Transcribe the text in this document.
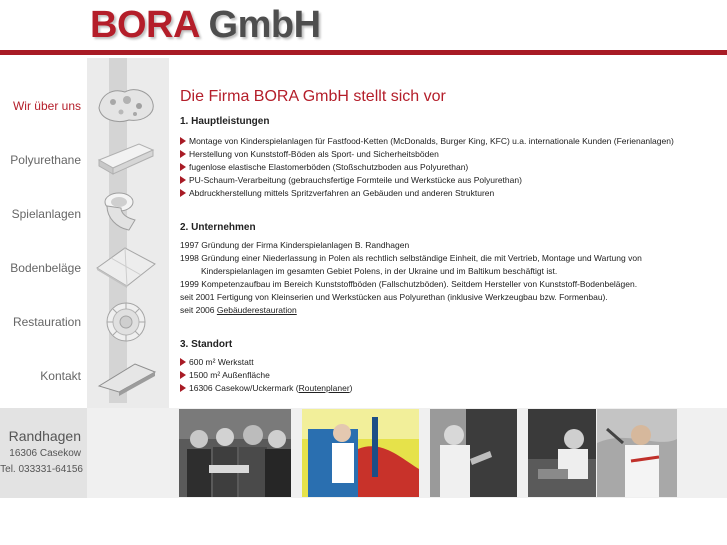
BORA GmbH
Wir über uns
Polyurethane
Spielanlagen
Bodenbeläge
Restauration
Kontakt
Randhagen
16306 Casekow
Tel. 033331-64156
Die Firma BORA GmbH stellt sich vor
1. Hauptleistungen
Montage von Kinderspielanlagen für Fastfood-Ketten (McDonalds, Burger King, KFC) u.a. internationale Kunden (Ferienanlagen)
Herstellung von Kunststoff-Böden als Sport- und Sicherheitsböden
fugenlose elastische Elastomerböden (Stoßschutzboden aus Polyurethan)
PU-Schaum-Verarbeitung (gebrauchsfertige Formteile und Werkstücke aus Polyurethan)
Abdruckherstellung mittels Spritzverfahren an Gebäuden und anderen Strukturen
2. Unternehmen
1997 Gründung der Firma Kinderspielanlagen B. Randhagen
1998 Gründung einer Niederlassung in Polen als rechtlich selbständige Einheit, die mit Vertrieb, Montage und Wartung von
Kinderspielanlagen im gesamten Gebiet Polens, in der Ukraine und im Baltikum beschäftigt ist.
1999 Kompetenzaufbau im Bereich Kunststoffböden (Fallschutzböden). Seitdem Hersteller von Kunststoff-Bodenbelägen.
seit 2001 Fertigung von Kleinserien und Werkstücken aus Polyurethan (inklusive Werkzeugbau bzw. Formenbau).
seit 2006 Gebäuderestauration
3. Standort
600 m² Werkstatt
1500 m² Außenfläche
16306 Casekow/Uckermark (Routenplaner)
